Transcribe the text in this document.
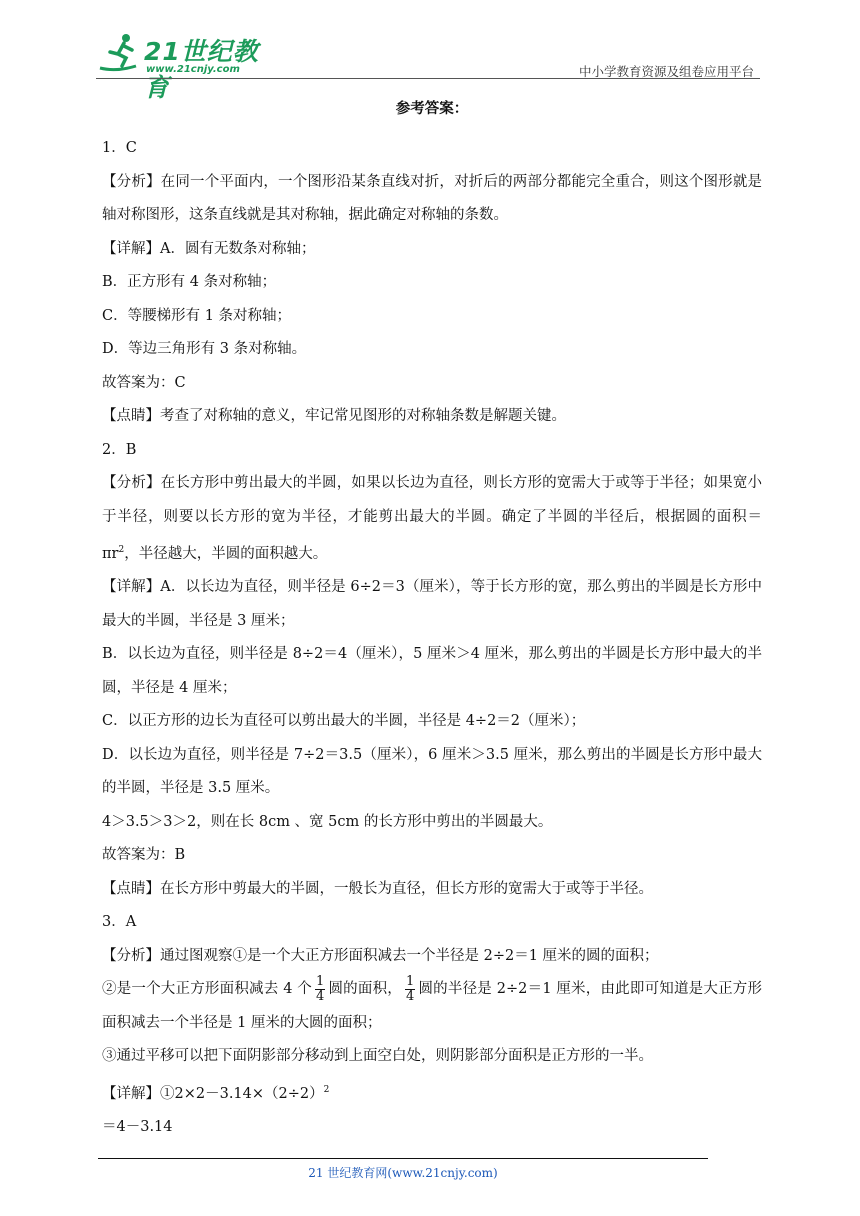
21世纪教育
www.21cnjy.com	中小学教育资源及组卷应用平台
参考答案：

1．C

【分析】在同一个平面内，一个图形沿某条直线对折，对折后的两部分都能完全重合，则这个图形就是轴对称图形，这条直线就是其对称轴，据此确定对称轴的条数。

【详解】A．圆有无数条对称轴；

B．正方形有 4 条对称轴；

C．等腰梯形有 1 条对称轴；

D．等边三角形有 3 条对称轴。

故答案为：C

【点睛】考查了对称轴的意义，牢记常见图形的对称轴条数是解题关键。

2．B

【分析】在长方形中剪出最大的半圆，如果以长边为直径，则长方形的宽需大于或等于半径；如果宽小于半径，则要以长方形的宽为半径，才能剪出最大的半圆。确定了半圆的半径后，根据圆的面积$=\pi r^2$，半径越大，半圆的面积越大。

【详解】A．以长边为直径，则半径是 6÷2＝3（厘米），等于长方形的宽，那么剪出的半圆是长方形中最大的半圆，半径是 3 厘米；

B．以长边为直径，则半径是 8÷2＝4（厘米），5 厘米＞4 厘米，那么剪出的半圆是长方形中最大的半圆，半径是 4 厘米；

C．以正方形的边长为直径可以剪出最大的半圆，半径是 4÷2＝2（厘米）；

D．以长边为直径，则半径是 7÷2＝3.5（厘米），6 厘米＞3.5 厘米，那么剪出的半圆是长方形中最大的半圆，半径是 3.5 厘米。

4＞3.5＞3＞2，则在长 8cm 、宽 5cm 的长方形中剪出的半圆最大。

故答案为：B

【点睛】在长方形中剪最大的半圆，一般长为直径，但长方形的宽需大于或等于半径。

3．A

【分析】通过图观察①是一个大正方形面积减去一个半径是 2÷2＝1 厘米的圆的面积；

②是一个大正方形面积减去 4 个 $\frac{1}{4}$ 圆的面积， $\frac{1}{4}$ 圆的半径是 2÷2＝1 厘米，由此即可知道是大正方形面积减去一个半径是 1 厘米的大圆的面积；

③通过平移可以把下面阴影部分移动到上面空白处，则阴影部分面积是正方形的一半。

【详解】$①2\times 2-3.14\times(2\div 2)^2$

＝4－3.14

21 世纪教育网(www.21cnjy.com)
